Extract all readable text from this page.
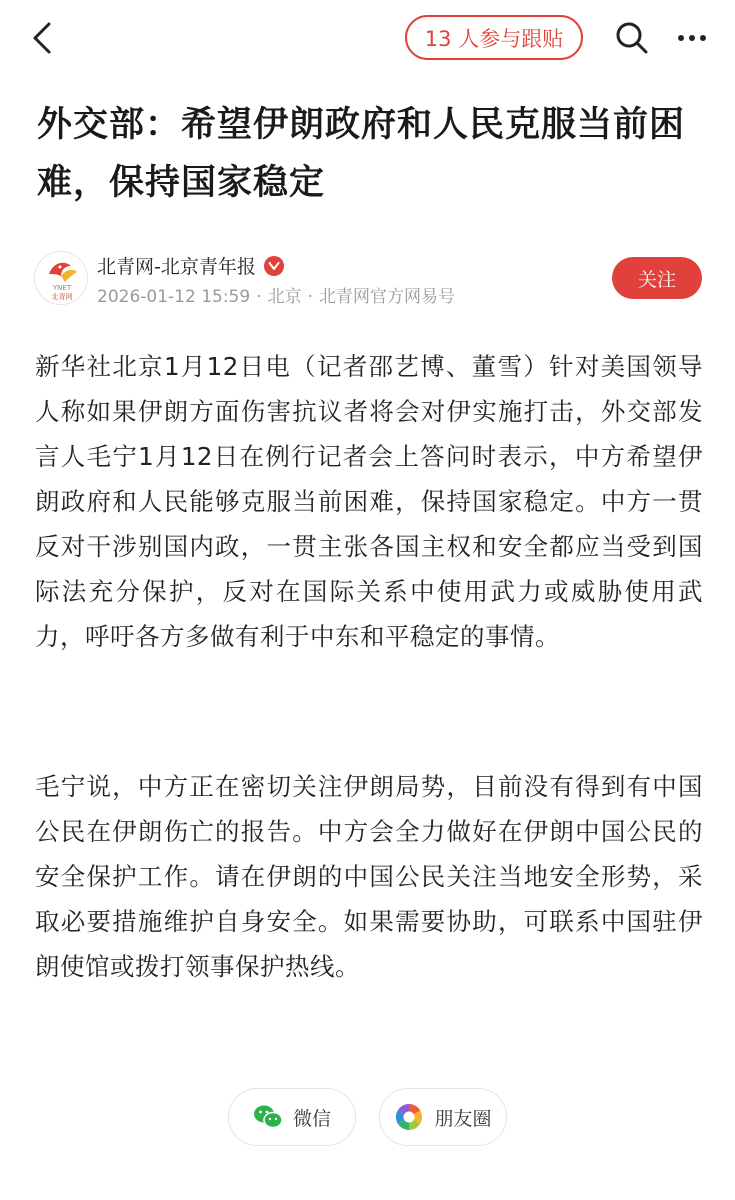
13 人参与跟贴
外交部：希望伊朗政府和人民克服当前困难，保持国家稳定
YNET
北青网
北青网-北京青年报
2026-01-12 15:59 · 北京 · 北青网官方网易号
关注

新华社北京1月12日电（记者邵艺博、董雪）针对美国领导人称如果伊朗方面伤害抗议者将会对伊实施打击，外交部发言人毛宁1月12日在例行记者会上答问时表示，中方希望伊朗政府和人民能够克服当前困难，保持国家稳定。中方一贯反对干涉别国内政，一贯主张各国主权和安全都应当受到国际法充分保护，反对在国际关系中使用武力或威胁使用武力，呼吁各方多做有利于中东和平稳定的事情。

毛宁说，中方正在密切关注伊朗局势，目前没有得到有中国公民在伊朗伤亡的报告。中方会全力做好在伊朗中国公民的安全保护工作。请在伊朗的中国公民关注当地安全形势，采取必要措施维护自身安全。如果需要协助，可联系中国驻伊朗使馆或拨打领事保护热线。

微信	朋友圈
